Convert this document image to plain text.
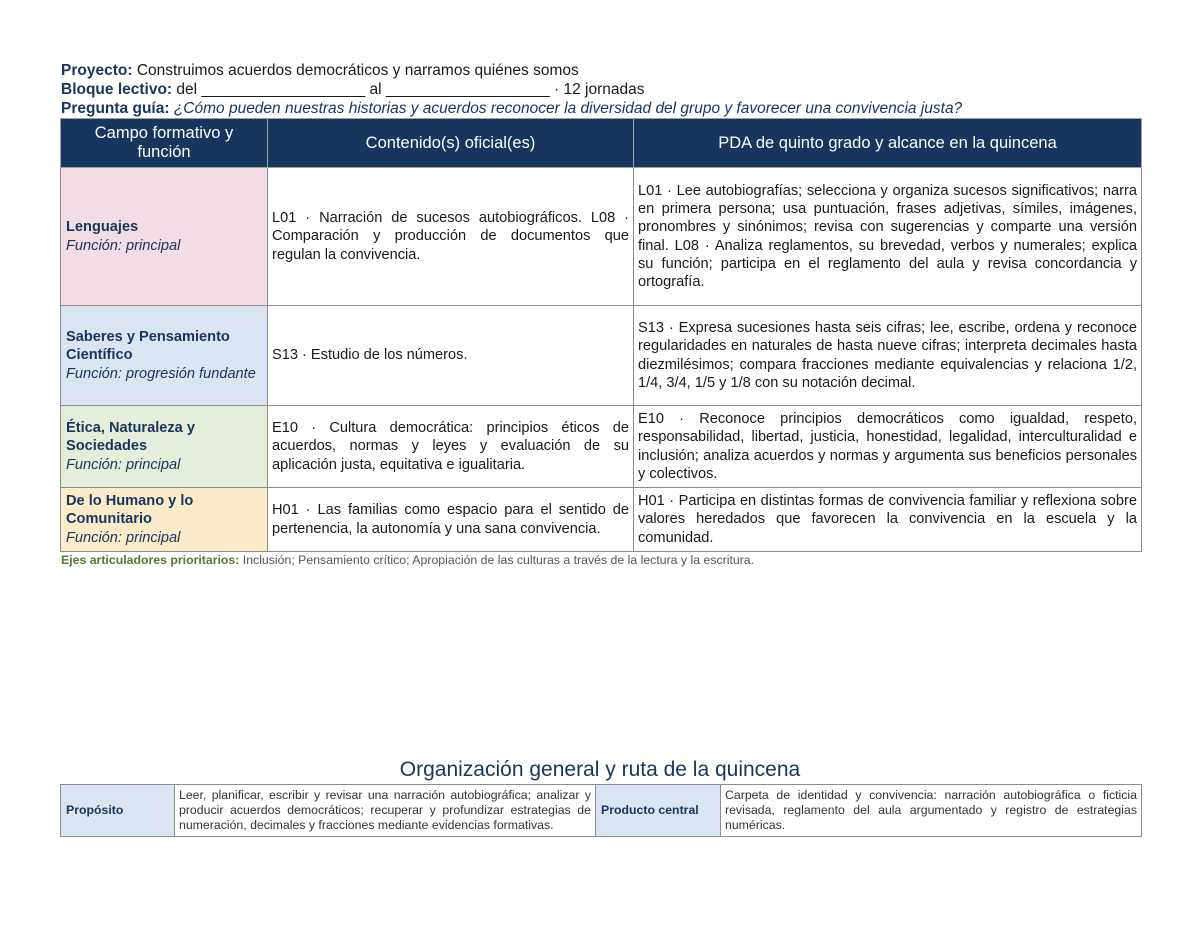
Proyecto: Construimos acuerdos democráticos y narramos quiénes somos
Bloque lectivo: del ___________________ al ___________________ · 12 jornadas
Pregunta guía: ¿Cómo pueden nuestras historias y acuerdos reconocer la diversidad del grupo y favorecer una convivencia justa?
Campo formativo y función	Contenido(s) oficial(es)	PDA de quinto grado y alcance en la quincena

Lenguajes
Función: principal	L01 · Narración de sucesos autobiográficos. L08 · Comparación y producción de documentos que regulan la convivencia.	L01 · Lee autobiografías; selecciona y organiza sucesos significativos; narra en primera persona; usa puntuación, frases adjetivas, símiles, imágenes, pronombres y sinónimos; revisa con sugerencias y comparte una versión final. L08 · Analiza reglamentos, su brevedad, verbos y numerales; explica su función; participa en el reglamento del aula y revisa concordancia y ortografía.

Saberes y Pensamiento Científico
Función: progresión fundante	S13 · Estudio de los números.	S13 · Expresa sucesiones hasta seis cifras; lee, escribe, ordena y reconoce regularidades en naturales de hasta nueve cifras; interpreta decimales hasta diezmilésimos; compara fracciones mediante equivalencias y relaciona 1/2, 1/4, 3/4, 1/5 y 1/8 con su notación decimal.

Ética, Naturaleza y Sociedades
Función: principal	E10 · Cultura democrática: principios éticos de acuerdos, normas y leyes y evaluación de su aplicación justa, equitativa e igualitaria.	E10 · Reconoce principios democráticos como igualdad, respeto, responsabilidad, libertad, justicia, honestidad, legalidad, interculturalidad e inclusión; analiza acuerdos y normas y argumenta sus beneficios personales y colectivos.

De lo Humano y lo Comunitario
Función: principal	H01 · Las familias como espacio para el sentido de pertenencia, la autonomía y una sana convivencia.	H01 · Participa en distintas formas de convivencia familiar y reflexiona sobre valores heredados que favorecen la convivencia en la escuela y la comunidad.
Ejes articuladores prioritarios: Inclusión; Pensamiento crítico; Apropiación de las culturas a través de la lectura y la escritura.
Organización general y ruta de la quincena
Propósito	Leer, planificar, escribir y revisar una narración autobiográfica; analizar y producir acuerdos democráticos; recuperar y profundizar estrategias de numeración, decimales y fracciones mediante evidencias formativas.	Producto central	Carpeta de identidad y convivencia: narración autobiográfica o ficticia revisada, reglamento del aula argumentado y registro de estrategias numéricas.
